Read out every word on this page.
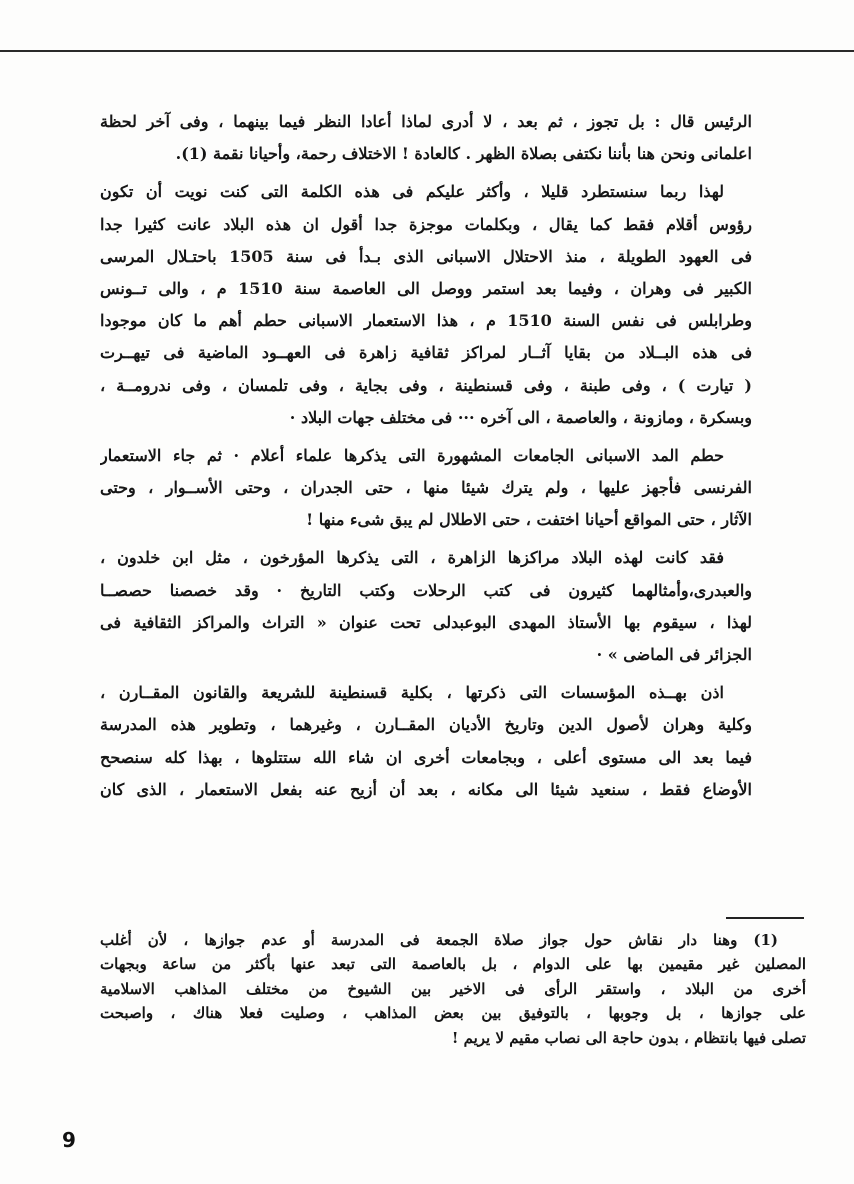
الرئيس قال : بل تجوز ، ثم بعد ، لا أدرى لماذا أعادا النظر فيما بينهما ، وفى آخر لحظة
اعلمانى ونحن هنا بأننا نكتفى بصلاة الظهر . كالعادة ! الاختلاف رحمة، وأحيانا نقمة (1).
لهذا ربما سنستطرد قليلا ، وأكثر عليكم فى هذه الكلمة التى كنت نويت أن تكون
رؤوس أقلام فقط كما يقال ، وبكلمات موجزة جدا أقول ان هذه البلاد عانت كثيرا جدا
فى العهود الطويلة ، منذ الاحتلال الاسبانى الذى بـدأ فى سنة 1505 باحتـلال المرسى
الكبير فى وهران ، وفيما بعد استمر ووصل الى العاصمة سنة 1510 م ، والى تــونس
وطرابلس فى نفس السنة 1510 م ، هذا الاستعمار الاسبانى حطم أهم ما كان موجودا
فى هذه البــلاد من بقايا آثــار لمراكز ثقافية زاهرة فى العهــود الماضية فى تيهــرت
( تيارت ) ، وفى طبنة ، وفى قسنطينة ، وفى بجاية ، وفى تلمسان ، وفى ندرومــة ،
وبسكرة ، ومازونة ، والعاصمة ، الى آخره ··· فى مختلف جهات البلاد ·
حطم المد الاسبانى الجامعات المشهورة التى يذكرها علماء أعلام · ثم جاء الاستعمار
الفرنسى فأجهز عليها ، ولم يترك شيئا منها ، حتى الجدران ، وحتى الأســوار ، وحتى
الآثار ، حتى المواقع أحيانا اختفت ، حتى الاطلال لم يبق شىء منها !
فقد كانت لهذه البلاد مراكزها الزاهرة ، التى يذكرها المؤرخون ، مثل ابن خلدون ،
والعبدرى،وأمثالهما كثيرون فى كتب الرحلات وكتب التاريخ · وقد خصصنا حصصــا
لهذا ، سيقوم بها الأستاذ المهدى البوعبدلى تحت عنوان « التراث والمراكز الثقافية فى
الجزائر فى الماضى » ·
اذن بهــذه المؤسسات التى ذكرتها ، بكلية قسنطينة للشريعة والقانون المقــارن ،
وكلية وهران لأصول الدين وتاريخ الأديان المقــارن ، وغيرهما ، وتطوير هذه المدرسة
فيما بعد الى مستوى أعلى ، وبجامعات أخرى ان شاء الله ستتلوها ، بهذا كله سنصحح
الأوضاع فقط ، سنعيد شيئا الى مكانه ، بعد أن أزيح عنه بفعل الاستعمار ، الذى كان
(1) وهنا دار نقاش حول جواز صلاة الجمعة فى المدرسة أو عدم جوازها ، لأن أغلب
المصلين غير مقيمين بها على الدوام ، بل بالعاصمة التى تبعد عنها بأكثر من ساعة وبجهات
أخرى من البلاد ، واستقر الرأى فى الاخير بين الشيوخ من مختلف المذاهب الاسلامية
على جوازها ، بل وجوبها ، بالتوفيق بين بعض المذاهب ، وصليت فعلا هناك ، واصبحت
تصلى فيها بانتظام ، بدون حاجة الى نصاب مقيم لا يريم !
9
